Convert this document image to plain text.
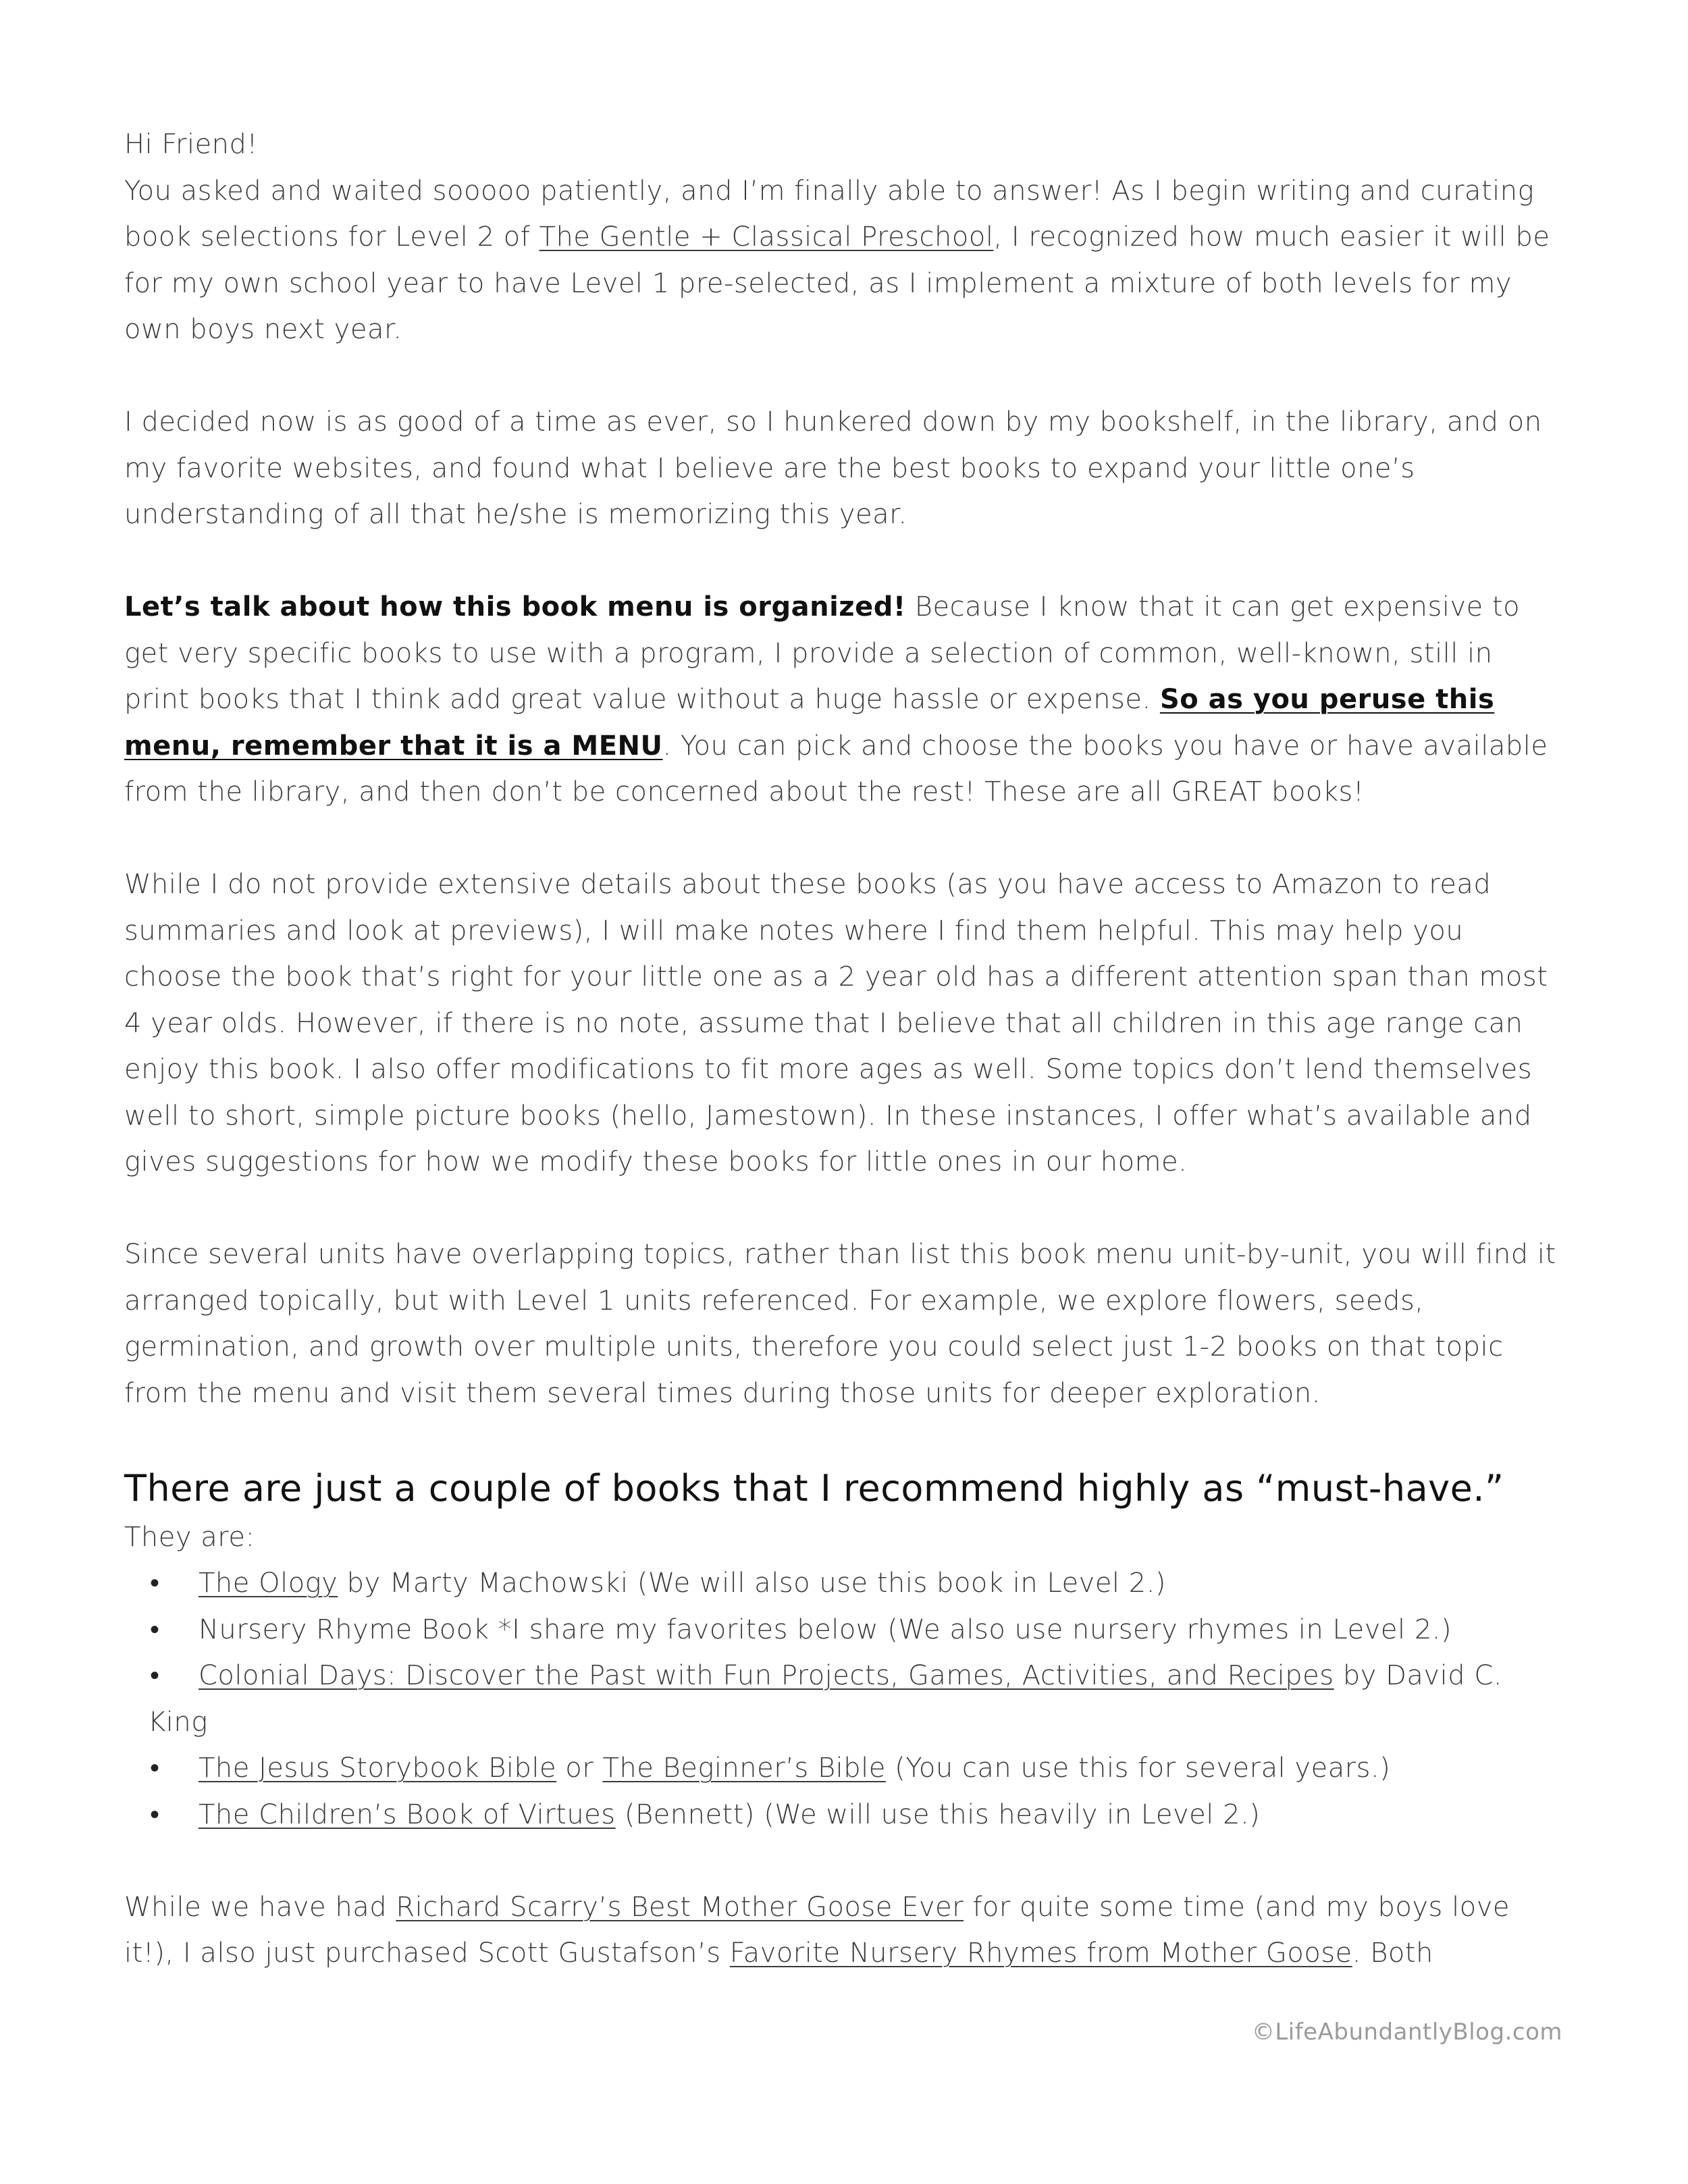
Hi Friend!

You asked and waited sooooo patiently, and I’m finally able to answer! As I begin writing and curating book selections for Level 2 of The Gentle + Classical Preschool, I recognized how much easier it will be for my own school year to have Level 1 pre-selected, as I implement a mixture of both levels for my own boys next year.

I decided now is as good of a time as ever, so I hunkered down by my bookshelf, in the library, and on my favorite websites, and found what I believe are the best books to expand your little one’s understanding of all that he/she is memorizing this year.

Let’s talk about how this book menu is organized! Because I know that it can get expensive to get very specific books to use with a program, I provide a selection of common, well-known, still in print books that I think add great value without a huge hassle or expense. So as you peruse this menu, remember that it is a MENU. You can pick and choose the books you have or have available from the library, and then don’t be concerned about the rest! These are all GREAT books!

While I do not provide extensive details about these books (as you have access to Amazon to read summaries and look at previews), I will make notes where I find them helpful. This may help you choose the book that’s right for your little one as a 2 year old has a different attention span than most 4 year olds. However, if there is no note, assume that I believe that all children in this age range can enjoy this book. I also offer modifications to fit more ages as well. Some topics don’t lend themselves well to short, simple picture books (hello, Jamestown). In these instances, I offer what’s available and gives suggestions for how we modify these books for little ones in our home.

Since several units have overlapping topics, rather than list this book menu unit-by-unit, you will find it arranged topically, but with Level 1 units referenced. For example, we explore flowers, seeds, germination, and growth over multiple units, therefore you could select just 1-2 books on that topic from the menu and visit them several times during those units for deeper exploration.

There are just a couple of books that I recommend highly as “must-have.”
They are:
• The Ology by Marty Machowski (We will also use this book in Level 2.)
• Nursery Rhyme Book *I share my favorites below (We also use nursery rhymes in Level 2.)
• Colonial Days: Discover the Past with Fun Projects, Games, Activities, and Recipes by David C.
King
• The Jesus Storybook Bible or The Beginner’s Bible (You can use this for several years.)
• The Children’s Book of Virtues (Bennett) (We will use this heavily in Level 2.)

While we have had Richard Scarry’s Best Mother Goose Ever for quite some time (and my boys love it!), I also just purchased Scott Gustafson’s Favorite Nursery Rhymes from Mother Goose. Both

©LifeAbundantlyBlog.com
